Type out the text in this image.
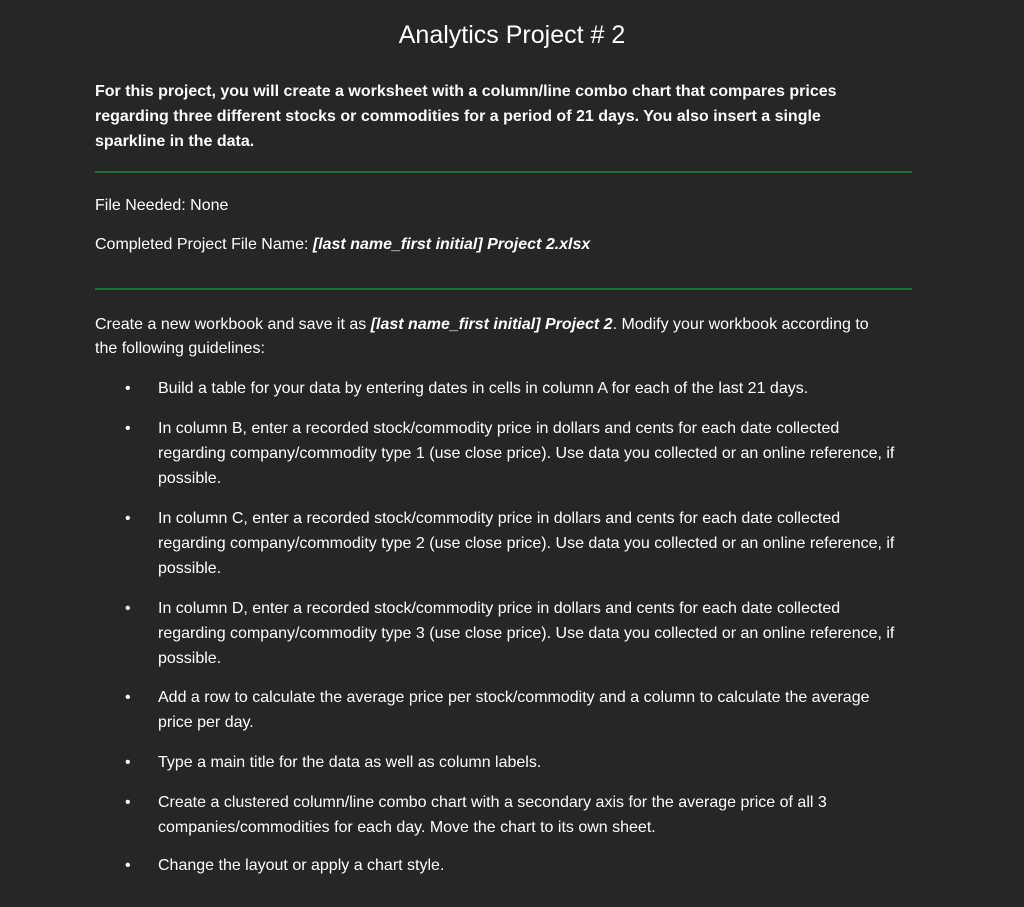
Analytics Project # 2
For this project, you will create a worksheet with a column/line combo chart that compares prices regarding three different stocks or commodities for a period of 21 days. You also insert a single sparkline in the data.
File Needed: None
Completed Project File Name: [last name_first initial] Project 2.xlsx
Create a new workbook and save it as [last name_first initial] Project 2. Modify your workbook according to the following guidelines:
• Build a table for your data by entering dates in cells in column A for each of the last 21 days.
• In column B, enter a recorded stock/commodity price in dollars and cents for each date collected regarding company/commodity type 1 (use close price). Use data you collected or an online reference, if possible.
• In column C, enter a recorded stock/commodity price in dollars and cents for each date collected regarding company/commodity type 2 (use close price). Use data you collected or an online reference, if possible.
• In column D, enter a recorded stock/commodity price in dollars and cents for each date collected regarding company/commodity type 3 (use close price). Use data you collected or an online reference, if possible.
• Add a row to calculate the average price per stock/commodity and a column to calculate the average price per day.
• Type a main title for the data as well as column labels.
• Create a clustered column/line combo chart with a secondary axis for the average price of all 3 companies/commodities for each day. Move the chart to its own sheet.
• Change the layout or apply a chart style.
